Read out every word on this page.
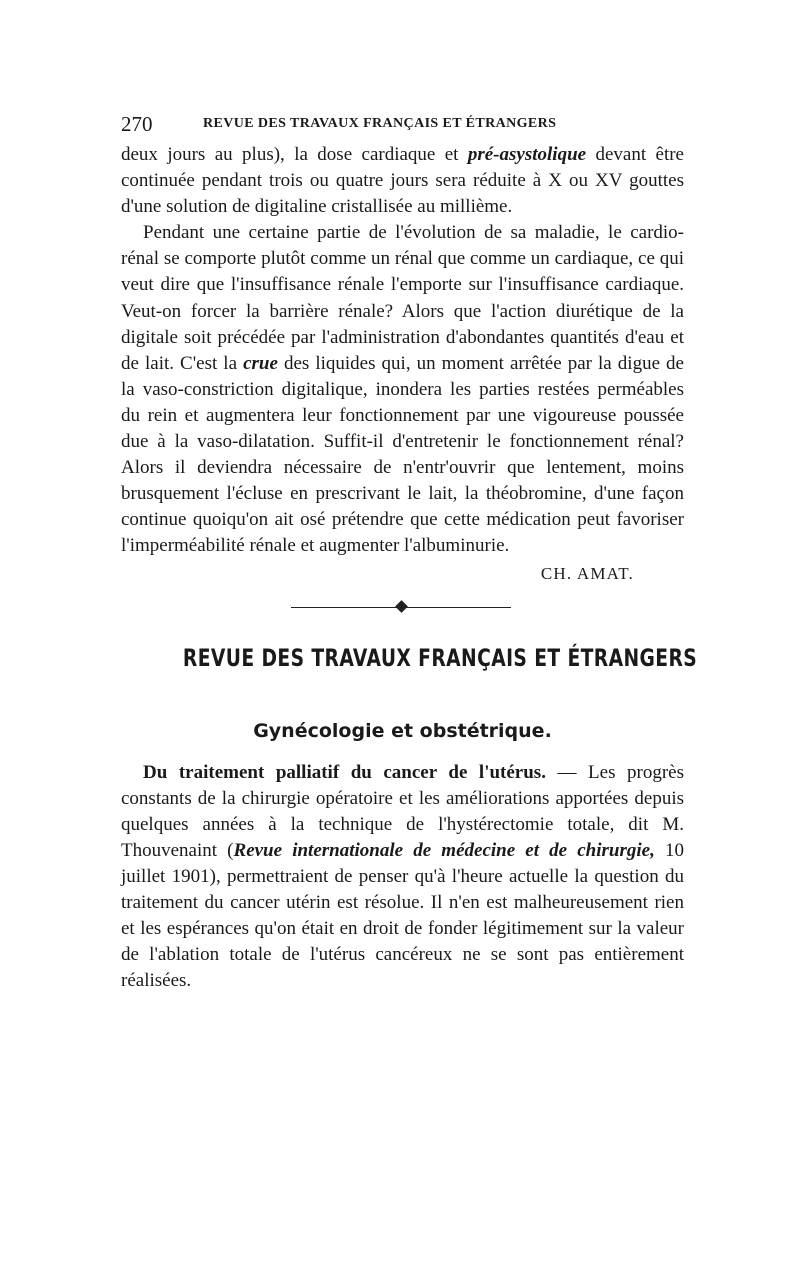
270	REVUE DES TRAVAUX FRANÇAIS ET ÉTRANGERS

deux jours au plus), la dose cardiaque et pré-asystolique devant être continuée pendant trois ou quatre jours sera réduite à X ou XV gouttes d'une solution de digitaline cristallisée au millième.

Pendant une certaine partie de l'évolution de sa maladie, le cardio-rénal se comporte plutôt comme un rénal que comme un cardiaque, ce qui veut dire que l'insuffisance rénale l'emporte sur l'insuffisance cardiaque. Veut-on forcer la barrière rénale? Alors que l'action diurétique de la digitale soit précédée par l'administration d'abondantes quantités d'eau et de lait. C'est la crue des liquides qui, un moment arrêtée par la digue de la vaso-constriction digitalique, inondera les parties restées perméables du rein et augmentera leur fonctionnement par une vigoureuse poussée due à la vaso-dilatation. Suffit-il d'entretenir le fonctionnement rénal? Alors il deviendra nécessaire de n'entr'ouvrir que lentement, moins brusquement l'écluse en prescrivant le lait, la théobromine, d'une façon continue quoiqu'on ait osé prétendre que cette médication peut favoriser l'imperméabilité rénale et augmenter l'albuminurie.

CH. AMAT.
REVUE DES TRAVAUX FRANÇAIS ET ÉTRANGERS
Gynécologie et obstétrique.

Du traitement palliatif du cancer de l'utérus. — Les progrès constants de la chirurgie opératoire et les améliorations apportées depuis quelques années à la technique de l'hystérectomie totale, dit M. Thouvenaint (Revue internationale de médecine et de chirurgie, 10 juillet 1901), permettraient de penser qu'à l'heure actuelle la question du traitement du cancer utérin est résolue. Il n'en est malheureusement rien et les espérances qu'on était en droit de fonder légitimement sur la valeur de l'ablation totale de l'utérus cancéreux ne se sont pas entièrement réalisées.
